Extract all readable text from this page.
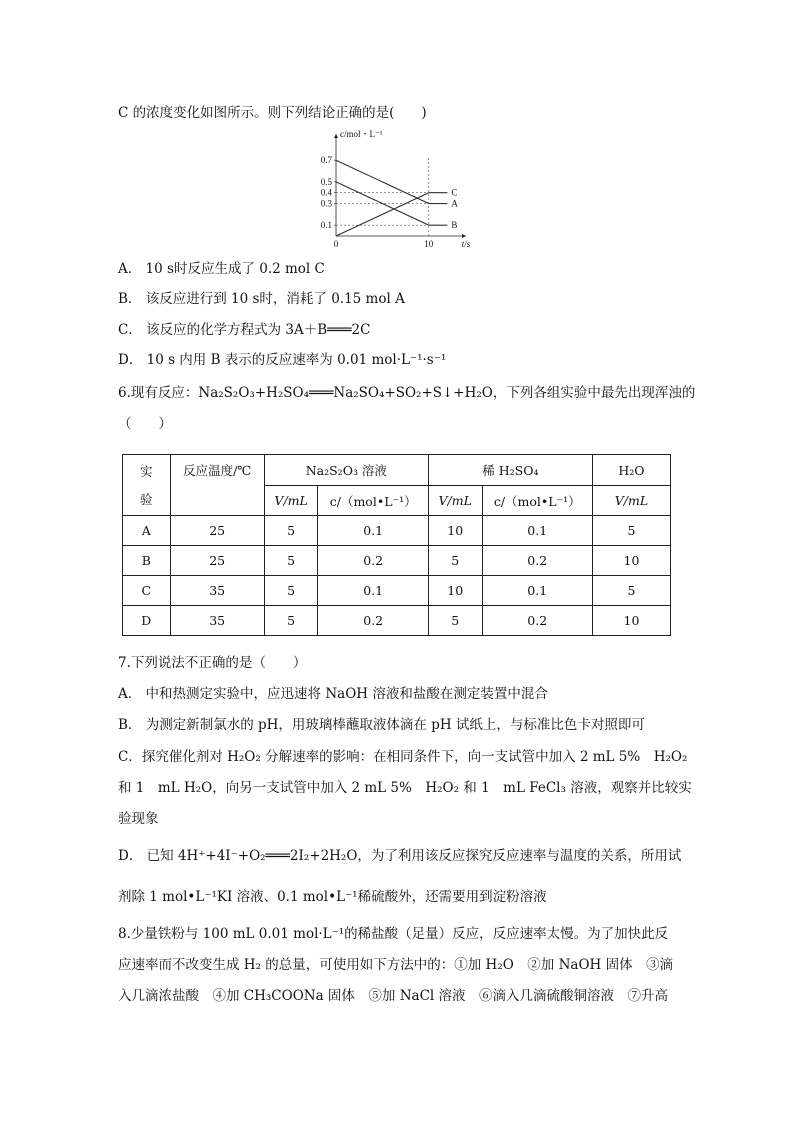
C 的浓度变化如图所示。则下列结论正确的是(　　)
0.7
0.5
0.4
0.3
0.1
10
0	t/s
c/mol・L⁻¹
A
B
C
A． 10 s时反应生成了 0.2 mol C
B． 该反应进行到 10 s时，消耗了 0.15 mol A
C． 该反应的化学方程式为 3A＋B═══2C
D． 10 s 内用 B 表示的反应速率为 0.01 mol·L⁻¹·s⁻¹
6.现有反应：Na₂S₂O₃+H₂SO₄═══Na₂SO₄+SO₂+S↓+H₂O，下列各组实验中最先出现浑浊的
（　　）
实
验	反应温度/℃	Na₂S₂O₃ 溶液		稀 H₂SO₄		H₂O
		V/mL	c/（mol•L⁻¹）	V/mL	c/（mol•L⁻¹）	V/mL
A	25	5	0.1	10	0.1	5
B	25	5	0.2	5	0.2	10
C	35	5	0.1	10	0.1	5
D	35	5	0.2	5	0.2	10
7.下列说法不正确的是（　　）
A． 中和热测定实验中，应迅速将 NaOH 溶液和盐酸在测定装置中混合
B． 为测定新制氯水的 pH，用玻璃棒蘸取液体滴在 pH 试纸上，与标准比色卡对照即可
C．探究催化剂对 H₂O₂ 分解速率的影响：在相同条件下，向一支试管中加入 2 mL 5%　H₂O₂
和 1　mL H₂O，向另一支试管中加入 2 mL 5%　H₂O₂ 和 1　mL FeCl₃ 溶液，观察并比较实
验现象
D． 已知 4H⁺+4I⁻+O₂═══2I₂+2H₂O，为了利用该反应探究反应速率与温度的关系，所用试
剂除 1 mol•L⁻¹KI 溶液、0.1 mol•L⁻¹稀硫酸外，还需要用到淀粉溶液
8.少量铁粉与 100 mL 0.01 mol·L⁻¹的稀盐酸（足量）反应，反应速率太慢。为了加快此反
应速率而不改变生成 H₂ 的总量，可使用如下方法中的：①加 H₂O　②加 NaOH 固体　③滴
入几滴浓盐酸　④加 CH₃COONa 固体　⑤加 NaCl 溶液　⑥滴入几滴硫酸铜溶液　⑦升高
